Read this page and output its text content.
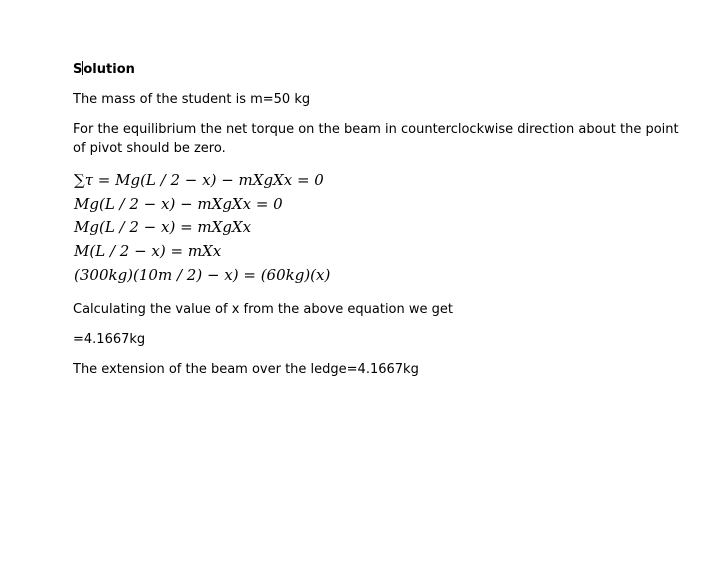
Solution
The mass of the student is m=50 kg
For the equilibrium the net torque on the beam in counterclockwise direction about the point of pivot should be zero.
∑τ = Mg(L / 2 − x) − mXgXx = 0
Mg(L / 2 − x) − mXgXx = 0
Mg(L / 2 − x) = mXgXx
M(L / 2 − x) = mXx
(300kg)(10m / 2) − x) = (60kg)(x)
Calculating the value of x from the above equation we get
=4.1667kg
The extension of the beam over the ledge=4.1667kg
